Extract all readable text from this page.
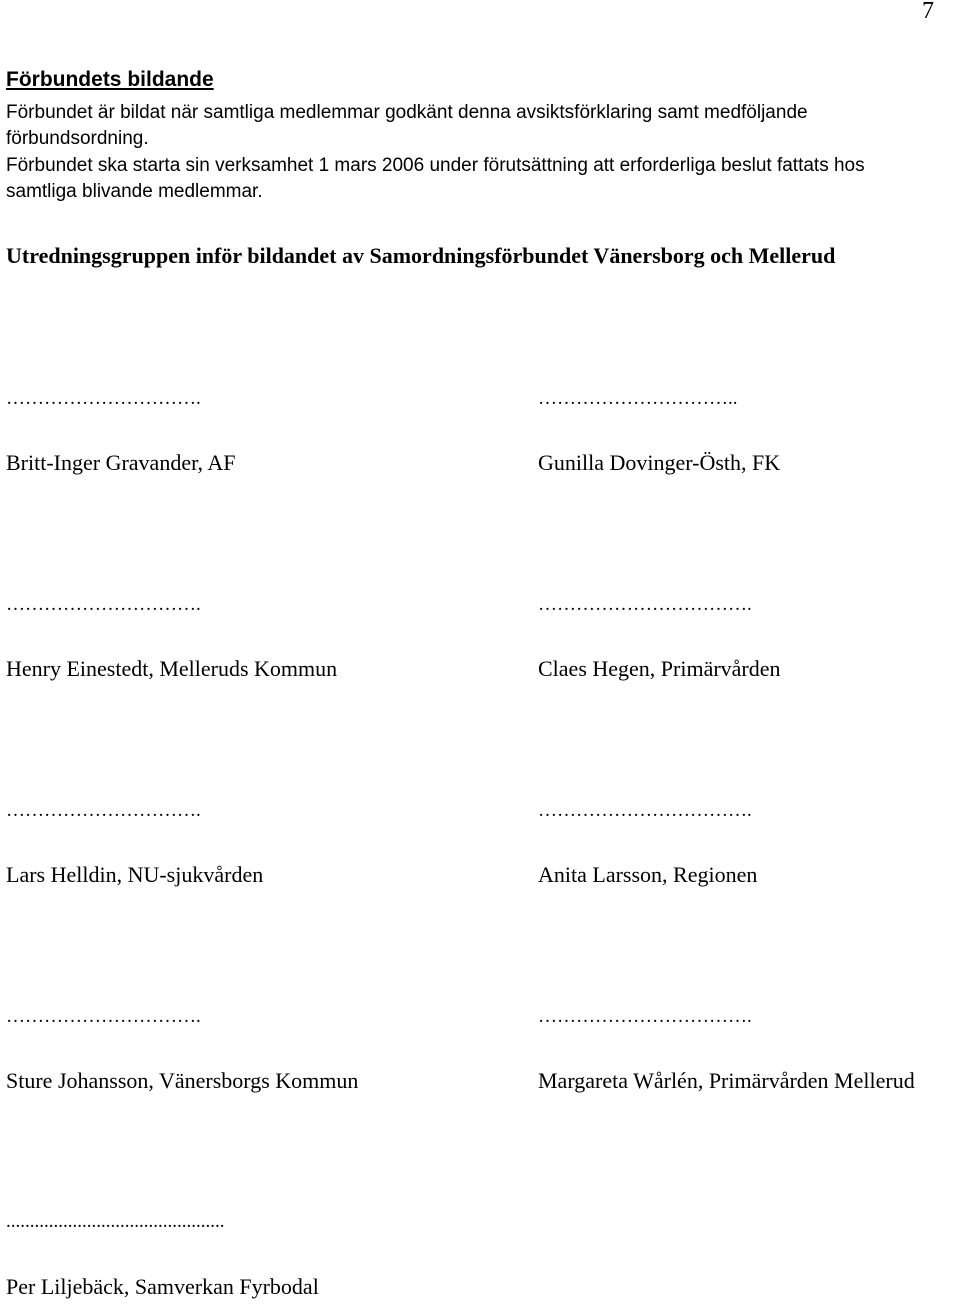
7
Förbundets bildande
Förbundet är bildat när samtliga medlemmar godkänt denna avsiktsförklaring samt medföljande
förbundsordning.
Förbundet ska starta sin verksamhet 1 mars 2006 under förutsättning att erforderliga beslut fattats hos
samtliga blivande medlemmar.
Utredningsgruppen inför bildandet av Samordningsförbundet Vänersborg och Mellerud
………………………….
Britt-Inger Gravander, AF
…………………………..
Gunilla Dovinger-Östh, FK
………………………….
Henry Einestedt, Melleruds Kommun
…………………………….
Claes Hegen, Primärvården
………………………….
Lars Helldin, NU-sjukvården
…………………………….
Anita Larsson, Regionen
………………………….
Sture Johansson, Vänersborgs Kommun
…………………………….
Margareta Wårlén, Primärvården Mellerud
..............................................
Per Liljebäck, Samverkan Fyrbodal
